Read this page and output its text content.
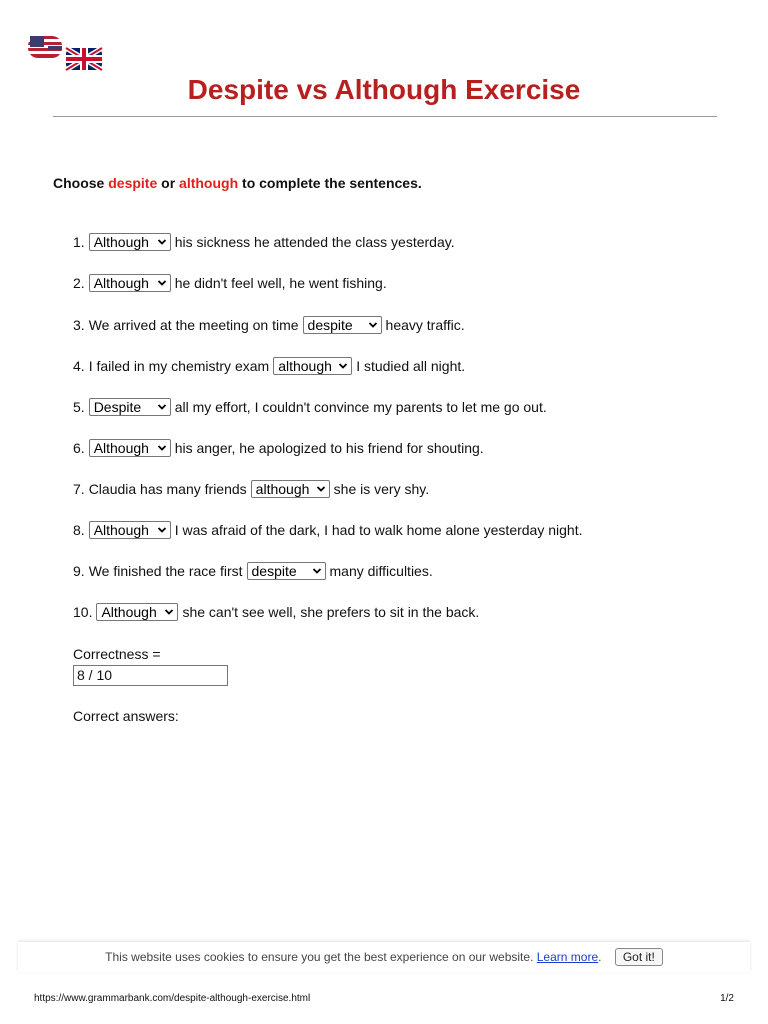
Despite vs Although Exercise
Choose despite or although to complete the sentences.
1. Although his sickness he attended the class yesterday.
2. Although he didn't feel well, he went fishing.
3. We arrived at the meeting on time despite heavy traffic.
4. I failed in my chemistry exam although I studied all night.
5. Despite all my effort, I couldn't convince my parents to let me go out.
6. Although his anger, he apologized to his friend for shouting.
7. Claudia has many friends although she is very shy.
8. Although I was afraid of the dark, I had to walk home alone yesterday night.
9. We finished the race first despite many difficulties.
10. Although she can't see well, she prefers to sit in the back.
Correctness =
8 / 10
Correct answers:
This website uses cookies to ensure you get the best experience on our website. Learn more. Got it!
https://www.grammarbank.com/despite-although-exercise.html	1/2
